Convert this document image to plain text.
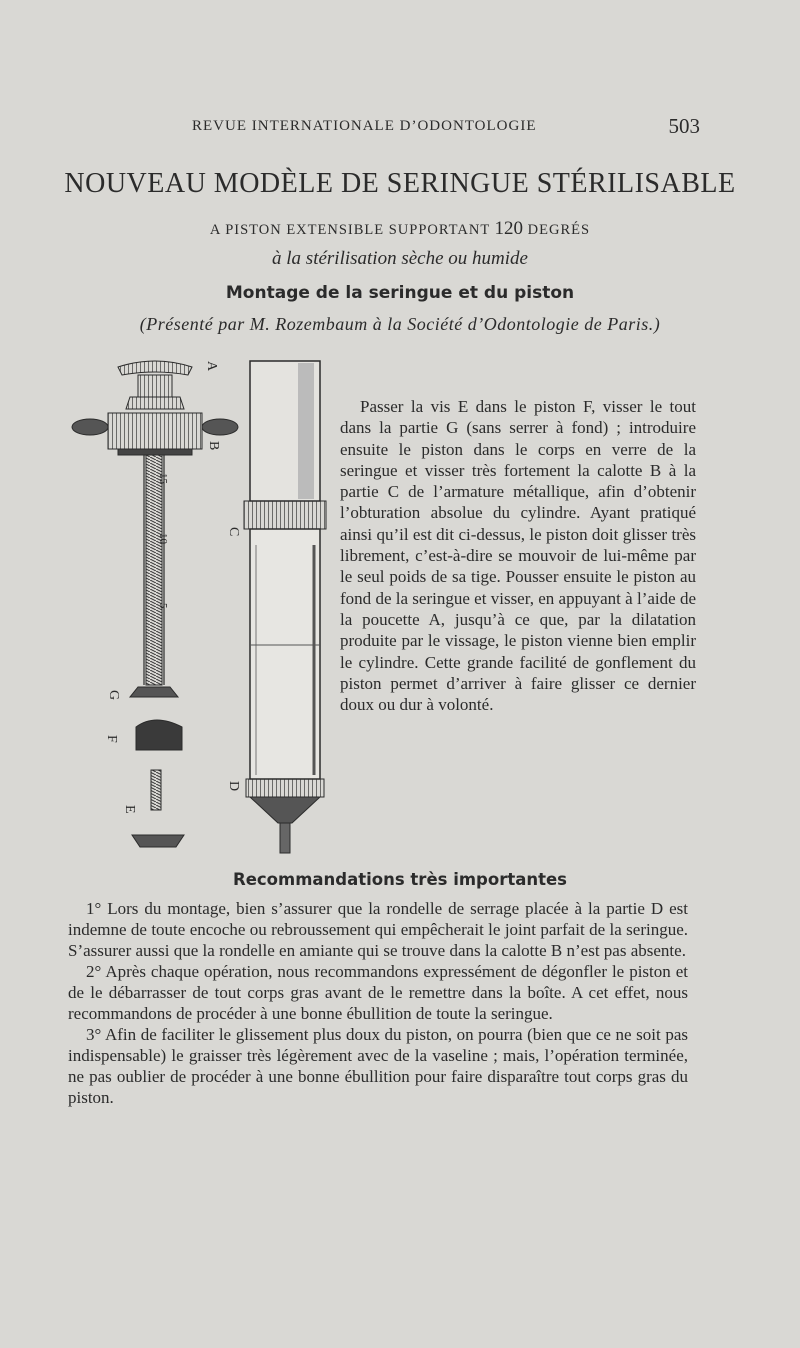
REVUE INTERNATIONALE D’ODONTOLOGIE	503
NOUVEAU MODÈLE DE SERINGUE STÉRILISABLE
A PISTON EXTENSIBLE SUPPORTANT 120 DEGRÉS
à la stérilisation sèche ou humide
Montage de la seringue et du piston
(Présenté par M. Rozembaum à la Société d’Odontologie de Paris.)
15
10
5
A
B
C
D
E
F
G

Passer la vis E dans le piston F, visser le tout dans la partie G (sans serrer à fond) ; introduire ensuite le piston dans le corps en verre de la seringue et visser très fortement la calotte B à la partie C de l’armature métallique, afin d’obtenir l’obturation absolue du cylindre. Ayant pratiqué ainsi qu’il est dit ci-dessus, le piston doit glisser très librement, c’est-à-dire se mouvoir de lui-même par le seul poids de sa tige. Pousser ensuite le piston au fond de la seringue et visser, en appuyant à l’aide de la poucette A, jusqu’à ce que, par la dilatation produite par le vissage, le piston vienne bien emplir le cylindre. Cette grande facilité de gonflement du piston permet d’arriver à faire glisser ce dernier doux ou dur à volonté.

Recommandations très importantes

1° Lors du montage, bien s’assurer que la rondelle de serrage placée à la partie D est indemne de toute encoche ou rebroussement qui empêcherait le joint parfait de la seringue. S’assurer aussi que la rondelle en amiante qui se trouve dans la calotte B n’est pas absente.

2° Après chaque opération, nous recommandons expressément de dégonfler le piston et de le débarrasser de tout corps gras avant de le remettre dans la boîte. A cet effet, nous recommandons de procéder à une bonne ébullition de toute la seringue.

3° Afin de faciliter le glissement plus doux du piston, on pourra (bien que ce ne soit pas indispensable) le graisser très légèrement avec de la vaseline ; mais, l’opération terminée, ne pas oublier de procéder à une bonne ébullition pour faire disparaître tout corps gras du piston.
